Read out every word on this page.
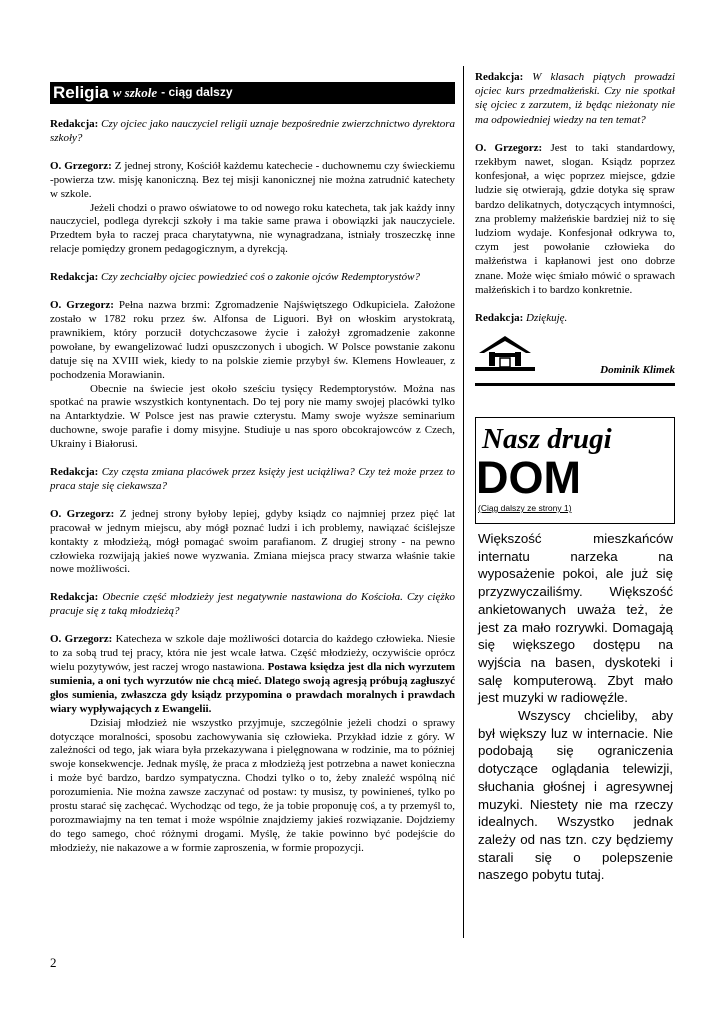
Religia w szkole - ciąg dalszy

Redakcja: Czy ojciec jako nauczyciel religii uznaje bezpośrednie zwierzchnictwo dyrektora szkoły?

O. Grzegorz: Z jednej strony, Kościół każdemu katechecie - duchownemu czy świeckiemu -powierza tzw. misję kanoniczną. Bez tej misji kanonicznej nie można zatrudnić katechety w szkole.

Jeżeli chodzi o prawo oświatowe to od nowego roku katecheta, tak jak każdy inny nauczyciel, podlega dyrekcji szkoły i ma takie same prawa i obowiązki jak nauczyciele. Przedtem była to raczej praca charytatywna, nie wynagradzana, istniały troszeczkę inne relacje pomiędzy gronem pedagogicznym, a dyrekcją.

Redakcja: Czy zechciałby ojciec powiedzieć coś o zakonie ojców Redemptorystów?

O. Grzegorz: Pełna nazwa brzmi: Zgromadzenie Najświętszego Odkupiciela. Założone zostało w 1782 roku przez św. Alfonsa de Liguori. Był on włoskim arystokratą, prawnikiem, który porzucił dotychczasowe życie i założył zgromadzenie zakonne powołane, by ewangelizować ludzi opuszczonych i ubogich. W Polsce powstanie zakonu datuje się na XVIII wiek, kiedy to na polskie ziemie przybył św. Klemens Howleauer, z pochodzenia Morawianin.

Obecnie na świecie jest około sześciu tysięcy Redemptorystów. Można nas spotkać na prawie wszystkich kontynentach. Do tej pory nie mamy swojej placówki tylko na Antarktydzie. W Polsce jest nas prawie czterystu. Mamy swoje wyższe seminarium duchowne, swoje parafie i domy misyjne. Studiuje u nas sporo obcokrajowców z Czech, Ukrainy i Białorusi.

Redakcja: Czy częsta zmiana placówek przez księży jest uciążliwa? Czy też może przez to praca staje się ciekawsza?

O. Grzegorz: Z jednej strony byłoby lepiej, gdyby ksiądz co najmniej przez pięć lat pracował w jednym miejscu, aby mógł poznać ludzi i ich problemy, nawiązać ściślejsze kontakty z młodzieżą, mógł pomagać swoim parafianom. Z drugiej strony - na pewno człowieka rozwijają jakieś nowe wyzwania. Zmiana miejsca pracy stwarza właśnie takie nowe możliwości.

Redakcja: Obecnie część młodzieży jest negatywnie nastawiona do Kościoła. Czy ciężko pracuje się z taką młodzieżą?

O. Grzegorz: Katecheza w szkole daje możliwości dotarcia do każdego człowieka. Niesie to za sobą trud tej pracy, która nie jest wcale łatwa. Część młodzieży, oczywiście oprócz wielu pozytywów, jest raczej wrogo nastawiona. Postawa księdza jest dla nich wyrzutem sumienia, a oni tych wyrzutów nie chcą mieć. Dlatego swoją agresją próbują zagłuszyć głos sumienia, zwłaszcza gdy ksiądz przypomina o prawdach moralnych i prawdach wiary wypływających z Ewangelii.

Dzisiaj młodzież nie wszystko przyjmuje, szczególnie jeżeli chodzi o sprawy dotyczące moralności, sposobu zachowywania się człowieka. Przykład idzie z góry. W zależności od tego, jak wiara była przekazywana i pielęgnowana w rodzinie, ma to później swoje konsekwencje. Jednak myślę, że praca z młodzieżą jest potrzebna a nawet konieczna i może być bardzo, bardzo sympatyczna. Chodzi tylko o to, żeby znaleźć wspólną nić porozumienia. Nie można zawsze zaczynać od postaw: ty musisz, ty powinieneś, tylko po prostu starać się zachęcać. Wychodząc od tego, że ja tobie proponuję coś, a ty przemyśl to, porozmawiajmy na ten temat i może wspólnie znajdziemy jakieś rozwiązanie. Dojdziemy do tego samego, choć różnymi drogami. Myślę, że takie powinno być podejście do młodzieży, nie nakazowe a w formie zaproszenia, w formie propozycji.

Redakcja: W klasach piątych prowadzi ojciec kurs przedmałżeński. Czy nie spotkał się ojciec z zarzutem, iż będąc nieżonaty nie ma odpowiedniej wiedzy na ten temat?

O. Grzegorz: Jest to taki standardowy, rzekłbym nawet, slogan. Ksiądz poprzez konfesjonał, a więc poprzez miejsce, gdzie ludzie się otwierają, gdzie dotyka się spraw bardzo delikatnych, dotyczących intymności, zna problemy małżeńskie bardziej niż to się ludziom wydaje. Konfesjonał odkrywa to, czym jest powołanie człowieka do małżeństwa i kapłanowi jest ono dobrze znane. Może więc śmiało mówić o sprawach małżeńskich i to bardzo konkretnie.

Redakcja: Dziękuję.

Dominik Klimek
Nasz drugi
DOM
(Ciąg dalszy ze strony 1)

Większość mieszkańców internatu narzeka na wyposażenie pokoi, ale już się przyzwyczailiśmy. Większość ankietowanych uważa też, że jest za mało rozrywki. Domagają się większego dostępu na wyjścia na basen, dyskoteki i salę komputerową. Zbyt mało jest muzyki w radiowęźle.

Wszyscy chcieliby, aby był większy luz w internacie. Nie podobają się ograniczenia dotyczące oglądania telewizji, słuchania głośnej i agresywnej muzyki. Niestety nie ma rzeczy idealnych. Wszystko jednak zależy od nas tzn. czy będziemy starali się o polepszenie naszego pobytu tutaj.

2
